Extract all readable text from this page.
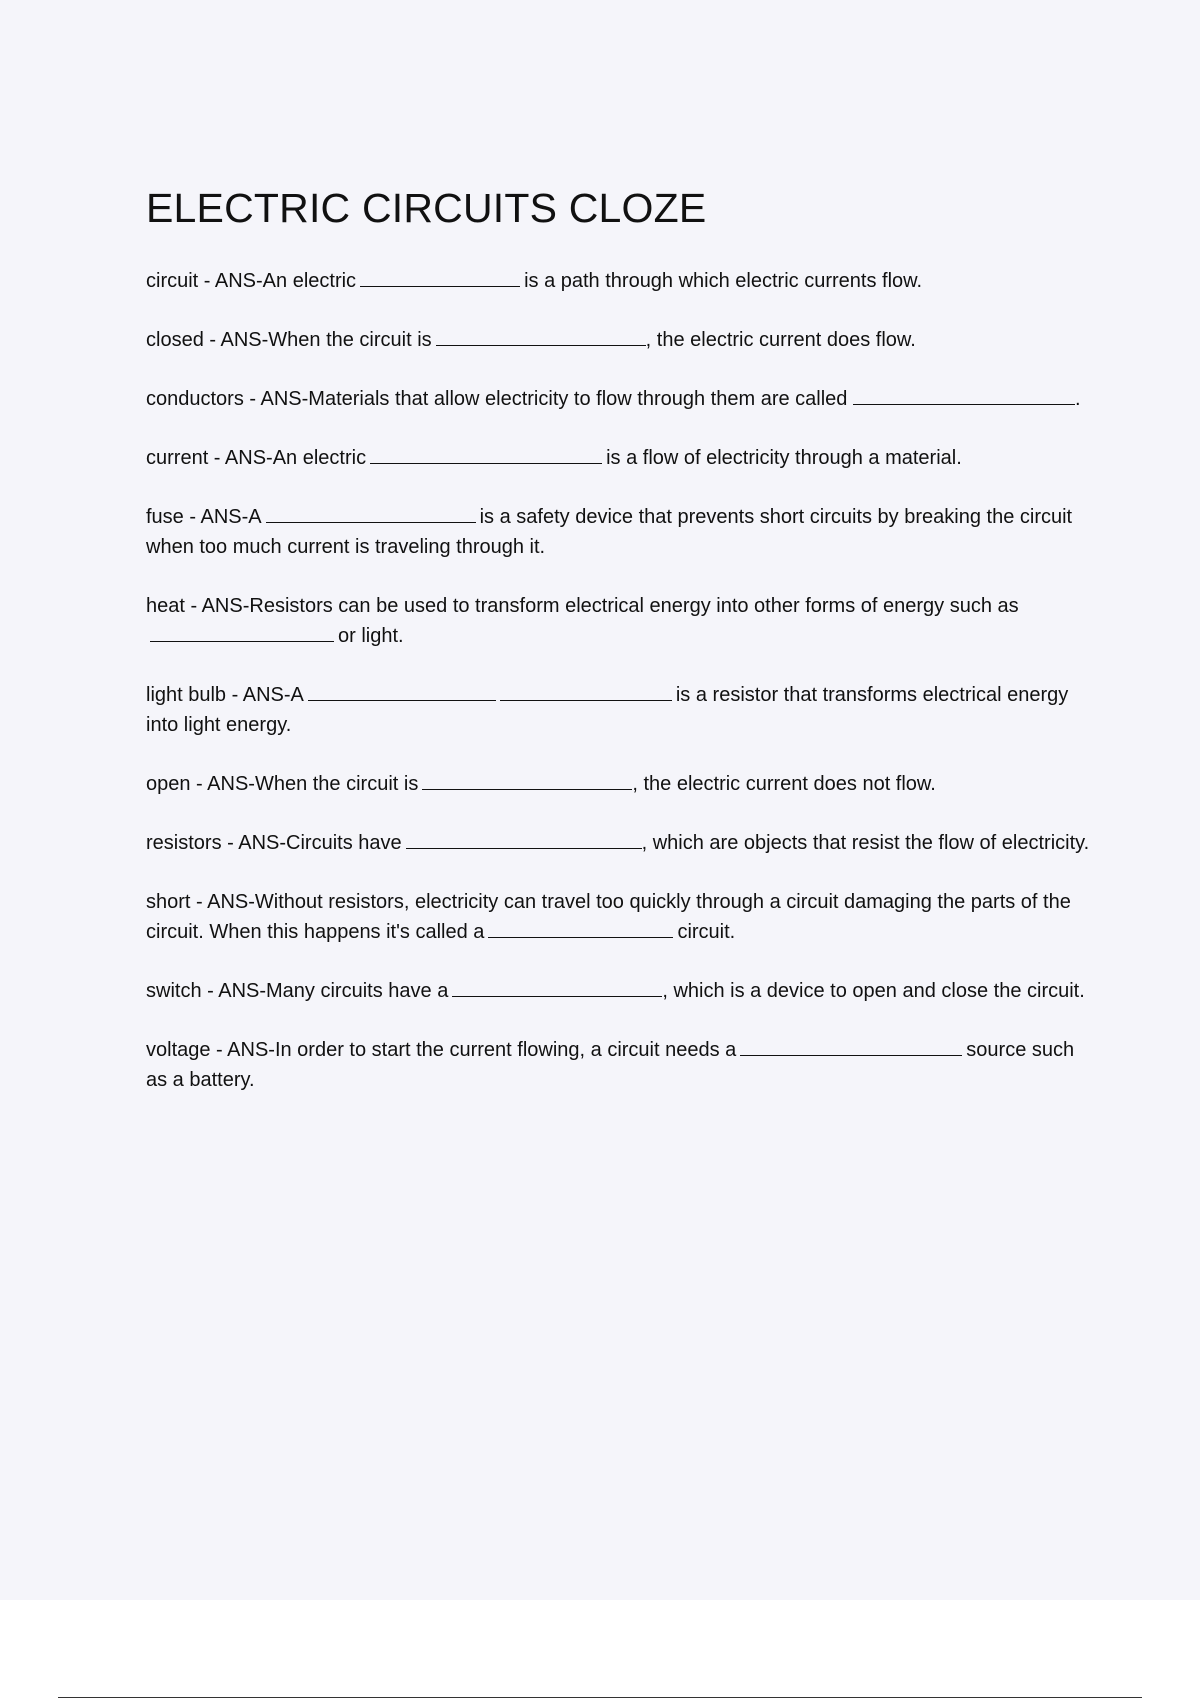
ELECTRIC CIRCUITS CLOZE

circuit - ANS-An electric	is a path through which electric currents flow.

closed - ANS-When the circuit is	, the electric current does flow.

conductors - ANS-Materials that allow electricity to flow through them are called	.

current - ANS-An electric	is a flow of electricity through a material.

fuse - ANS-A	is a safety device that prevents short circuits by breaking the circuit when too much current is traveling through it.

heat - ANS-Resistors can be used to transform electrical energy into other forms of energy such asor light.

light bulb - ANS-A	is a resistor that transforms electrical energy into light energy.

open - ANS-When the circuit is	, the electric current does not flow.

resistors - ANS-Circuits have	, which are objects that resist the flow of electricity.

short - ANS-Without resistors, electricity can travel too quickly through a circuit damaging the parts of the circuit. When this happens it's called a	circuit.

switch - ANS-Many circuits have a	, which is a device to open and close the circuit.

voltage - ANS-In order to start the current flowing, a circuit needs a	source such as a battery.
